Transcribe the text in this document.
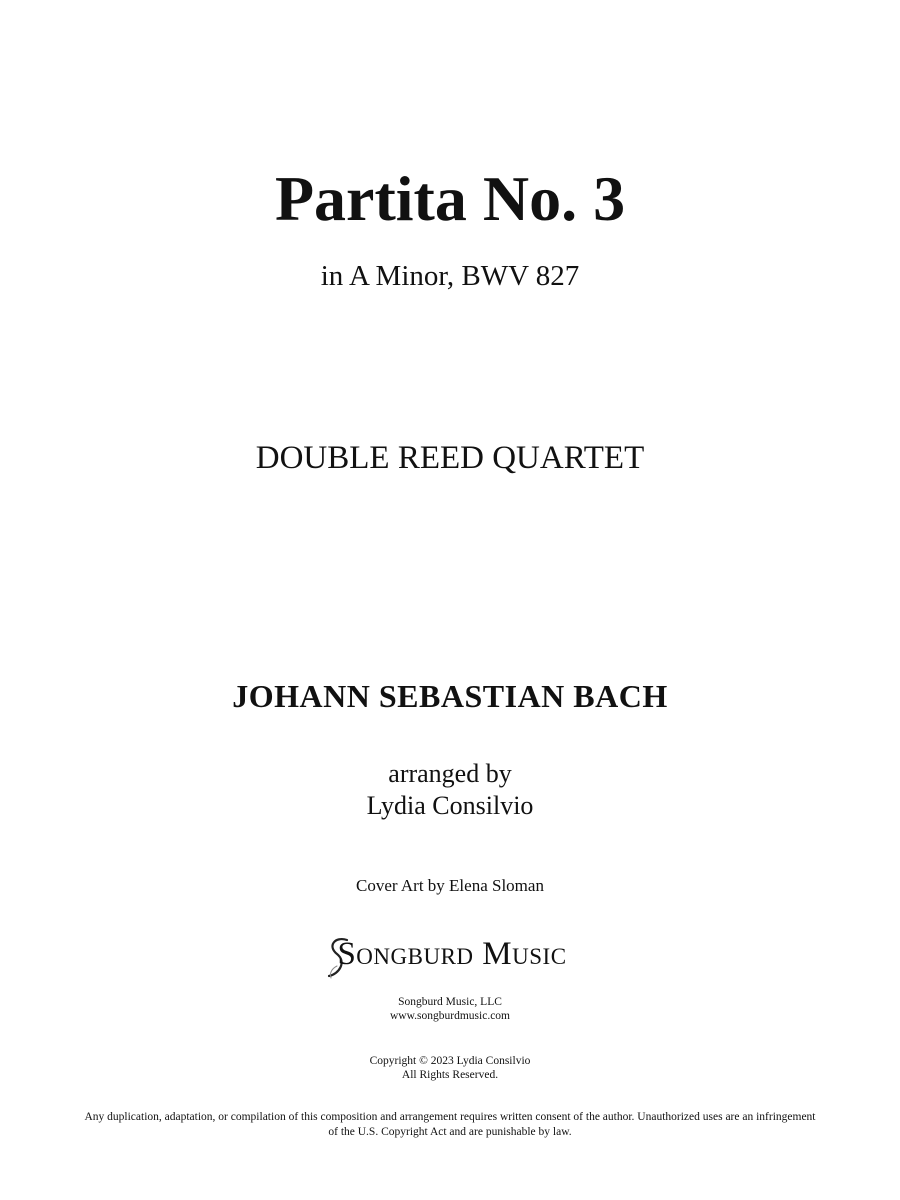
Partita No. 3
in A Minor, BWV 827
DOUBLE REED QUARTET
JOHANN SEBASTIAN BACH
arranged by
Lydia Consilvio
Cover Art by Elena Sloman
Songburd Music
Songburd Music, LLC
www.songburdmusic.com
Copyright © 2023 Lydia Consilvio
All Rights Reserved.
Any duplication, adaptation, or compilation of this composition and arrangement requires written consent of the author. Unauthorized uses are an infringement
of the U.S. Copyright Act and are punishable by law.
